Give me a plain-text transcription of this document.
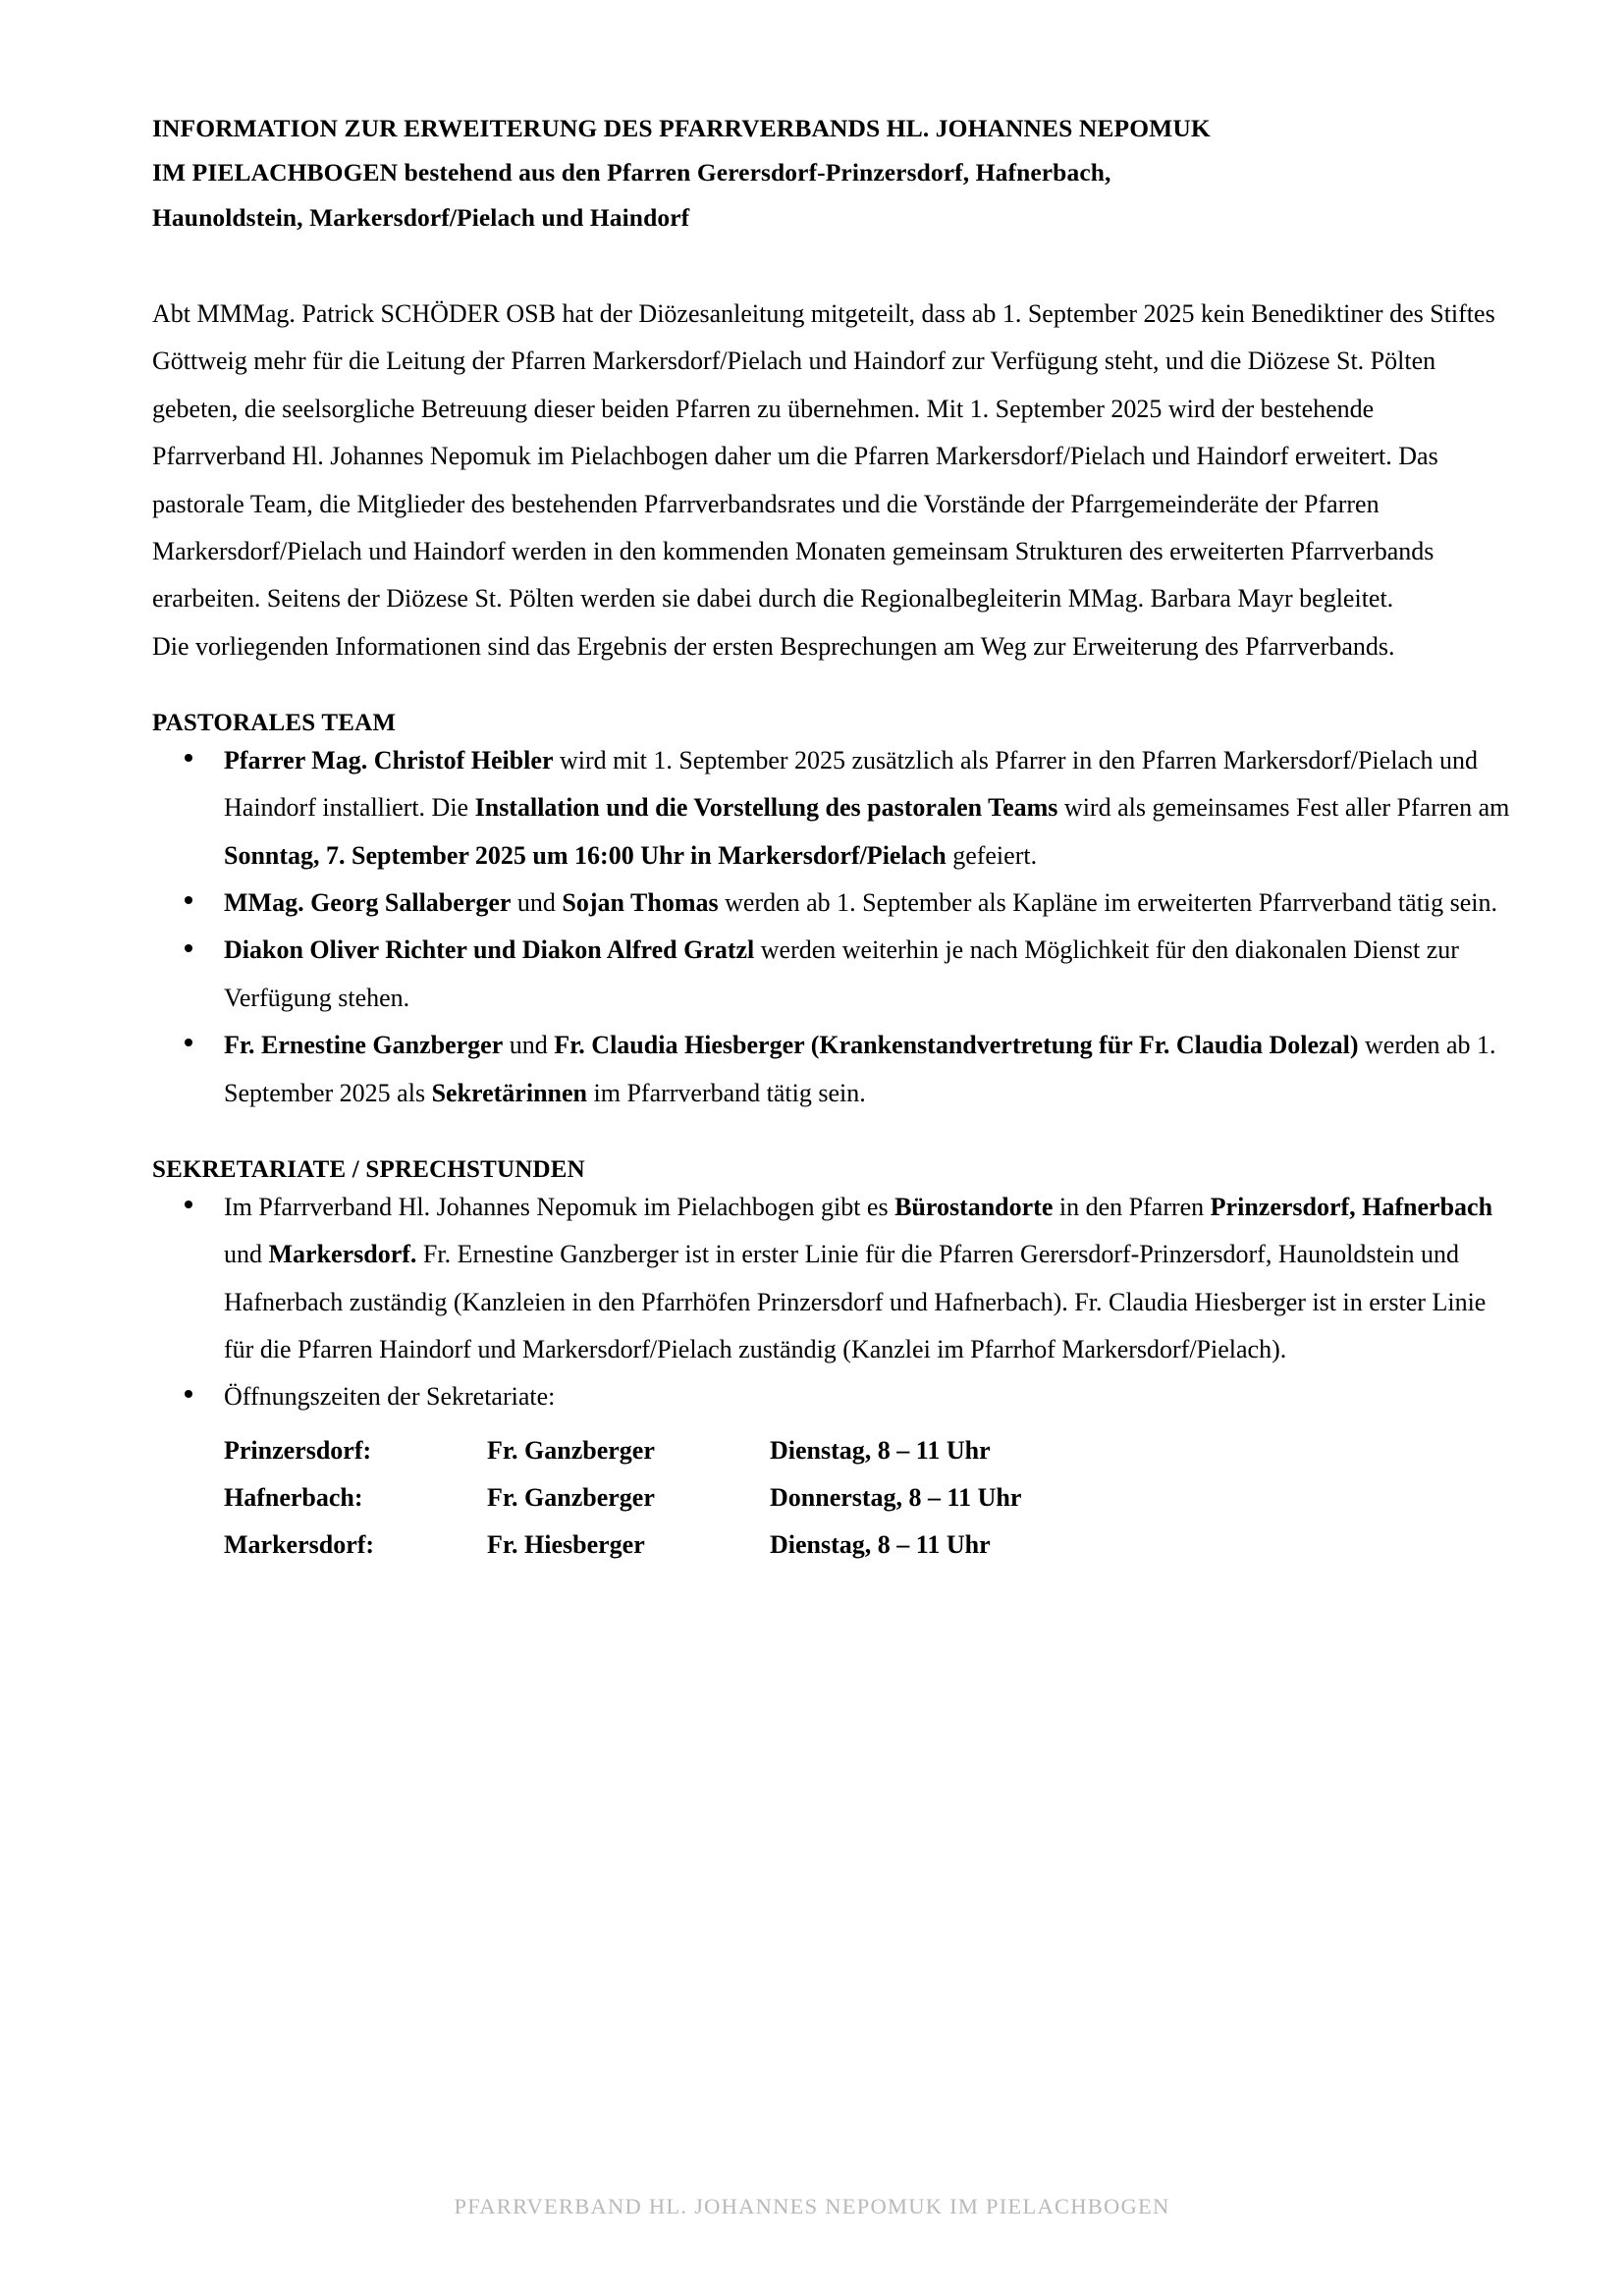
INFORMATION ZUR ERWEITERUNG DES PFARRVERBANDS HL. JOHANNES NEPOMUK
IM PIELACHBOGEN bestehend aus den Pfarren Gerersdorf-Prinzersdorf, Hafnerbach,
Haunoldstein, Markersdorf/Pielach und Haindorf

Abt MMMag. Patrick SCHÖDER OSB hat der Diözesanleitung mitgeteilt, dass ab 1. September 2025 kein Benediktiner des Stiftes Göttweig mehr für die Leitung der Pfarren Markersdorf/Pielach und Haindorf zur Verfügung steht, und die Diözese St. Pölten gebeten, die seelsorgliche Betreuung dieser beiden Pfarren zu übernehmen. Mit 1. September 2025 wird der bestehende Pfarrverband Hl. Johannes Nepomuk im Pielachbogen daher um die Pfarren Markersdorf/Pielach und Haindorf erweitert. Das pastorale Team, die Mitglieder des bestehenden Pfarrverbandsrates und die Vorstände der Pfarrgemeinderäte der Pfarren Markersdorf/Pielach und Haindorf werden in den kommenden Monaten gemeinsam Strukturen des erweiterten Pfarrverbands erarbeiten. Seitens der Diözese St. Pölten werden sie dabei durch die Regionalbegleiterin MMag. Barbara Mayr begleitet.

Die vorliegenden Informationen sind das Ergebnis der ersten Besprechungen am Weg zur Erweiterung des Pfarrverbands.

PASTORALES TEAM
Pfarrer Mag. Christof Heibler wird mit 1. September 2025 zusätzlich als Pfarrer in den Pfarren Markersdorf/Pielach und Haindorf installiert. Die Installation und die Vorstellung des pastoralen Teams wird als gemeinsames Fest aller Pfarren am Sonntag, 7. September 2025 um 16:00 Uhr in Markersdorf/Pielach gefeiert.
MMag. Georg Sallaberger und Sojan Thomas werden ab 1. September als Kapläne im erweiterten Pfarrverband tätig sein.
Diakon Oliver Richter und Diakon Alfred Gratzl werden weiterhin je nach Möglichkeit für den diakonalen Dienst zur Verfügung stehen.
Fr. Ernestine Ganzberger und Fr. Claudia Hiesberger (Krankenstandvertretung für Fr. Claudia Dolezal) werden ab 1. September 2025 als Sekretärinnen im Pfarrverband tätig sein.
SEKRETARIATE / SPRECHSTUNDEN
Im Pfarrverband Hl. Johannes Nepomuk im Pielachbogen gibt es Bürostandorte in den Pfarren Prinzersdorf, Hafnerbach und Markersdorf. Fr. Ernestine Ganzberger ist in erster Linie für die Pfarren Gerersdorf-Prinzersdorf, Haunoldstein und Hafnerbach zuständig (Kanzleien in den Pfarrhöfen Prinzersdorf und Hafnerbach). Fr. Claudia Hiesberger ist in erster Linie für die Pfarren Haindorf und Markersdorf/Pielach zuständig (Kanzlei im Pfarrhof Markersdorf/Pielach).
Öffnungszeiten der Sekretariate:
Prinzersdorf:	Fr. Ganzberger	Dienstag, 8 – 11 Uhr
Hafnerbach:	Fr. Ganzberger	Donnerstag, 8 – 11 Uhr
Markersdorf:	Fr. Hiesberger	Dienstag, 8 – 11 Uhr
PFARRVERBAND HL. JOHANNES NEPOMUK IM PIELACHBOGEN
